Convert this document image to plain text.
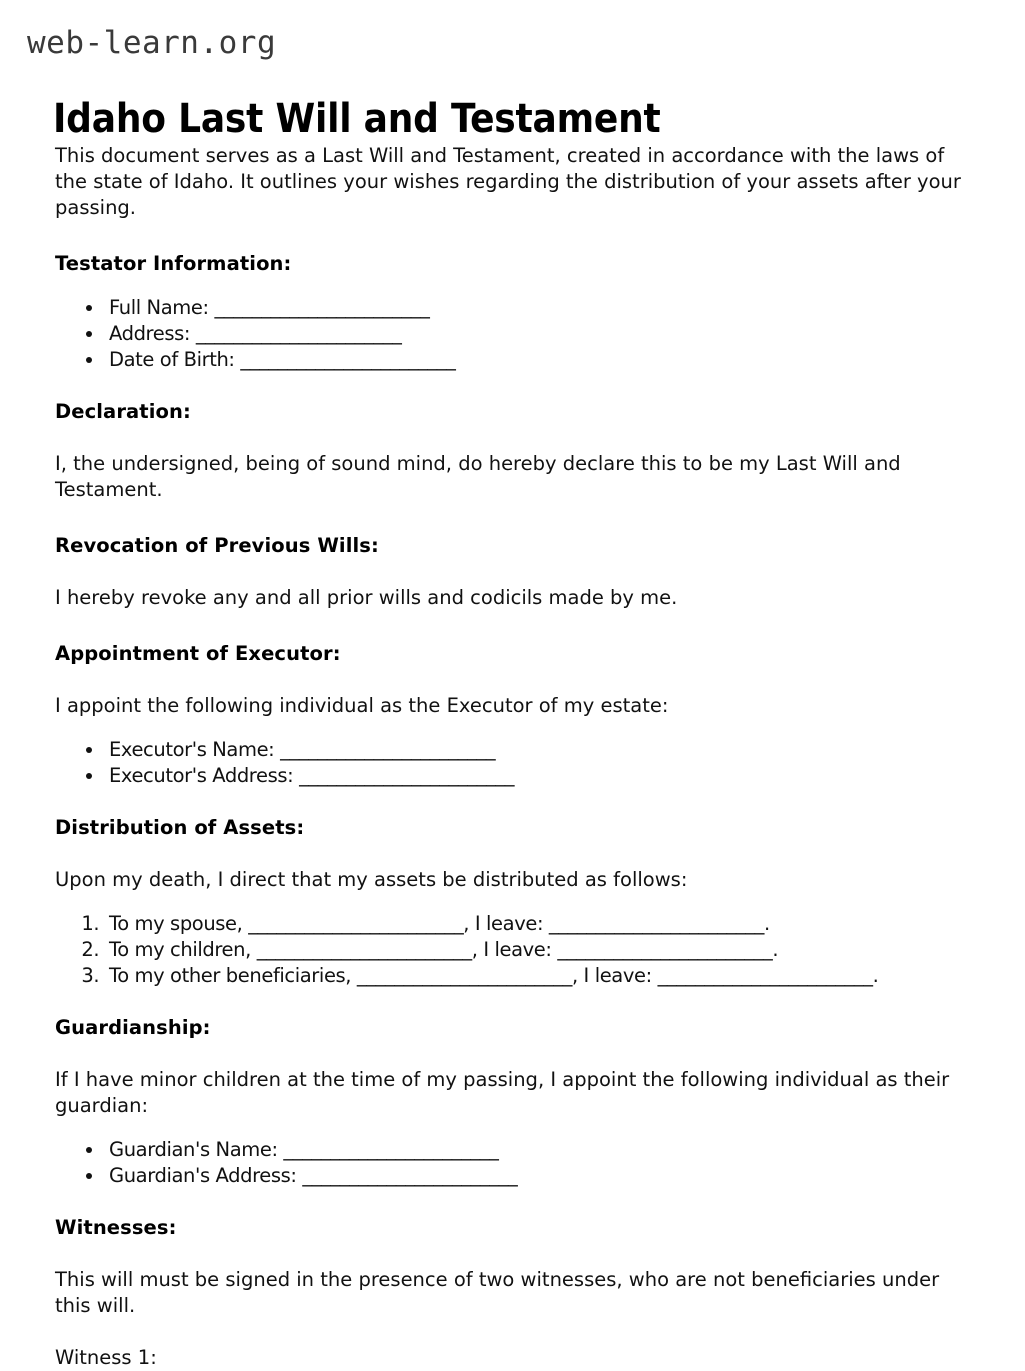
web-learn.org
Idaho Last Will and Testament

This document serves as a Last Will and Testament, created in accordance with the laws of the state of Idaho. It outlines your wishes regarding the distribution of your assets after your passing.

Testator Information:
• Full Name: _______________________
• Address: ______________________
• Date of Birth: _______________________
Declaration:

I, the undersigned, being of sound mind, do hereby declare this to be my Last Will and Testament.

Revocation of Previous Wills:

I hereby revoke any and all prior wills and codicils made by me.

Appointment of Executor:

I appoint the following individual as the Executor of my estate:

• Executor's Name: _______________________
• Executor's Address: _______________________
Distribution of Assets:

Upon my death, I direct that my assets be distributed as follows:

1. To my spouse, _______________________, I leave: _______________________.
2. To my children, _______________________, I leave: _______________________.
3. To my other beneficiaries, _______________________, I leave: _______________________.
Guardianship:

If I have minor children at the time of my passing, I appoint the following individual as their guardian:

• Guardian's Name: _______________________
• Guardian's Address: _______________________
Witnesses:

This will must be signed in the presence of two witnesses, who are not beneficiaries under this will.

Witness 1:
